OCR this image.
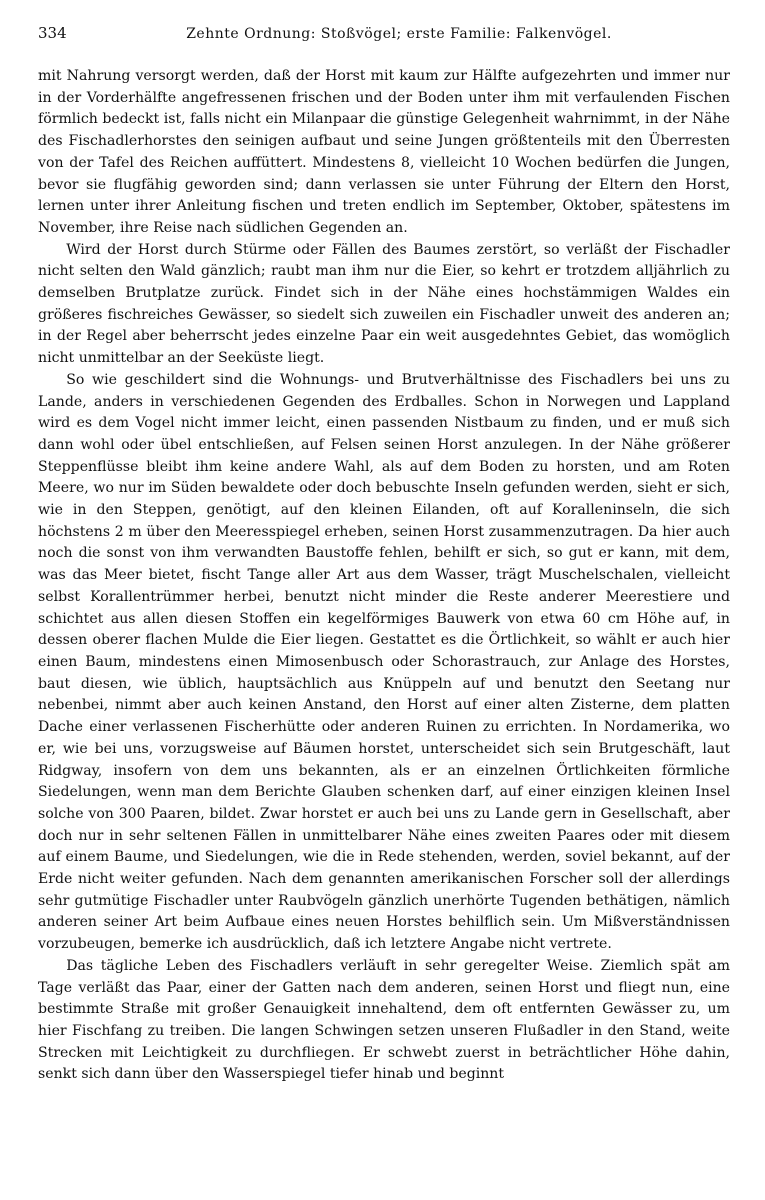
334	Zehnte Ordnung: Stoßvögel; erste Familie: Falkenvögel.

mit Nahrung versorgt werden, daß der Horst mit kaum zur Hälfte aufgezehrten und immer nur in der Vorderhälfte angefressenen frischen und der Boden unter ihm mit verfaulenden Fischen förmlich bedeckt ist, falls nicht ein Milanpaar die günstige Gelegenheit wahrnimmt, in der Nähe des Fischadlerhorstes den seinigen aufbaut und seine Jungen größtenteils mit den Überresten von der Tafel des Reichen auffüttert. Mindestens 8, vielleicht 10 Wochen bedürfen die Jungen, bevor sie flugfähig geworden sind; dann verlassen sie unter Führung der Eltern den Horst, lernen unter ihrer Anleitung fischen und treten endlich im September, Oktober, spätestens im November, ihre Reise nach südlichen Gegenden an.

Wird der Horst durch Stürme oder Fällen des Baumes zerstört, so verläßt der Fischadler nicht selten den Wald gänzlich; raubt man ihm nur die Eier, so kehrt er trotzdem alljährlich zu demselben Brutplatze zurück. Findet sich in der Nähe eines hochstämmigen Waldes ein größeres fischreiches Gewässer, so siedelt sich zuweilen ein Fischadler unweit des anderen an; in der Regel aber beherrscht jedes einzelne Paar ein weit ausgedehntes Gebiet, das womöglich nicht unmittelbar an der Seeküste liegt.

So wie geschildert sind die Wohnungs- und Brutverhältnisse des Fischadlers bei uns zu Lande, anders in verschiedenen Gegenden des Erdballes. Schon in Norwegen und Lappland wird es dem Vogel nicht immer leicht, einen passenden Nistbaum zu finden, und er muß sich dann wohl oder übel entschließen, auf Felsen seinen Horst anzulegen. In der Nähe größerer Steppenflüsse bleibt ihm keine andere Wahl, als auf dem Boden zu horsten, und am Roten Meere, wo nur im Süden bewaldete oder doch bebuschte Inseln gefunden werden, sieht er sich, wie in den Steppen, genötigt, auf den kleinen Eilanden, oft auf Koralleninseln, die sich höchstens 2 m über den Meeresspiegel erheben, seinen Horst zusammenzutragen. Da hier auch noch die sonst von ihm verwandten Baustoffe fehlen, behilft er sich, so gut er kann, mit dem, was das Meer bietet, fischt Tange aller Art aus dem Wasser, trägt Muschelschalen, vielleicht selbst Korallentrümmer herbei, benutzt nicht minder die Reste anderer Meerestiere und schichtet aus allen diesen Stoffen ein kegelförmiges Bauwerk von etwa 60 cm Höhe auf, in dessen oberer flachen Mulde die Eier liegen. Gestattet es die Örtlichkeit, so wählt er auch hier einen Baum, mindestens einen Mimosenbusch oder Schorastrauch, zur Anlage des Horstes, baut diesen, wie üblich, hauptsächlich aus Knüppeln auf und benutzt den Seetang nur nebenbei, nimmt aber auch keinen Anstand, den Horst auf einer alten Zisterne, dem platten Dache einer verlassenen Fischerhütte oder anderen Ruinen zu errichten. In Nordamerika, wo er, wie bei uns, vorzugsweise auf Bäumen horstet, unterscheidet sich sein Brutgeschäft, laut Ridgway, insofern von dem uns bekannten, als er an einzelnen Örtlichkeiten förmliche Siedelungen, wenn man dem Berichte Glauben schenken darf, auf einer einzigen kleinen Insel solche von 300 Paaren, bildet. Zwar horstet er auch bei uns zu Lande gern in Gesellschaft, aber doch nur in sehr seltenen Fällen in unmittelbarer Nähe eines zweiten Paares oder mit diesem auf einem Baume, und Siedelungen, wie die in Rede stehenden, werden, soviel bekannt, auf der Erde nicht weiter gefunden. Nach dem genannten amerikanischen Forscher soll der allerdings sehr gutmütige Fischadler unter Raubvögeln gänzlich unerhörte Tugenden bethätigen, nämlich anderen seiner Art beim Aufbaue eines neuen Horstes behilflich sein. Um Mißverständnissen vorzubeugen, bemerke ich ausdrücklich, daß ich letztere Angabe nicht vertrete.

Das tägliche Leben des Fischadlers verläuft in sehr geregelter Weise. Ziemlich spät am Tage verläßt das Paar, einer der Gatten nach dem anderen, seinen Horst und fliegt nun, eine bestimmte Straße mit großer Genauigkeit innehaltend, dem oft entfernten Gewässer zu, um hier Fischfang zu treiben. Die langen Schwingen setzen unseren Flußadler in den Stand, weite Strecken mit Leichtigkeit zu durchfliegen. Er schwebt zuerst in beträchtlicher Höhe dahin, senkt sich dann über den Wasserspiegel tiefer hinab und beginnt
